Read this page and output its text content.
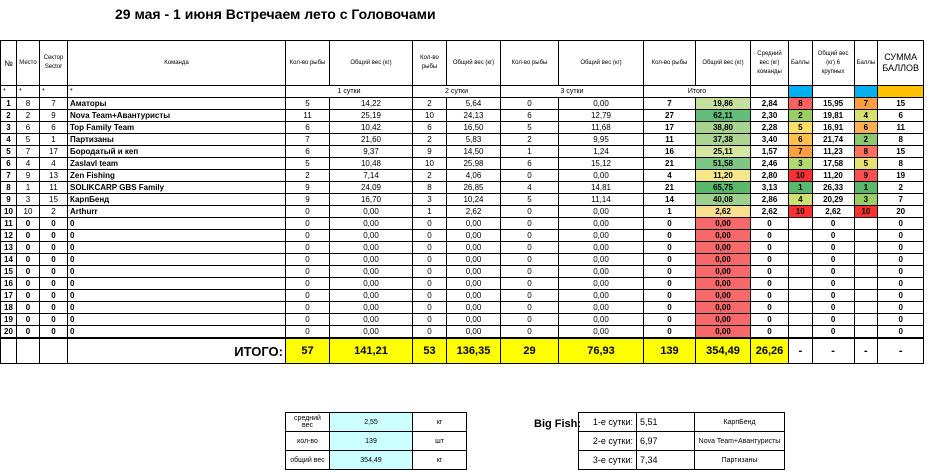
29 мая - 1 июня Встречаем лето с Головочами
№	Место	Сектор Sector	Команда	Кол-во рыбы	Общий вес (кг)	Кол-во рыбы	Общий вес (кг)	Кол-во рыбы	Общий вес (кг)	Кол-во рыбы	Общий вес (кг)	Средний вес (кг) команды	Баллы	Общий вес (кг) 6 крупных	Баллы	СУММА БАЛЛОВ
*	*	*	*	1 сутки		2 сутки		3 сутки		Итого						
1	8	7	Аматоры	5	14,22	2	5,64	0	0,00	7	19,86	2,84	8	15,95	7	15
2	2	9	Nova Team+Авантуристы	11	25,19	10	24,13	6	12,79	27	62,11	2,30	2	19,81	4	6
3	6	6	Top Family Team	6	10,42	6	16,50	5	11,68	17	38,80	2,28	5	16,91	6	11
4	5	1	Партизаны	7	21,60	2	5,83	2	9,95	11	37,38	3,40	6	21,74	2	8
5	7	17	Бородатый и кеп	6	9,37	9	14,50	1	1,24	16	25,11	1,57	7	11,23	8	15
6	4	4	Zaslavl team	5	10,48	10	25,98	6	15,12	21	51,58	2,46	3	17,58	5	8
7	9	13	Zen Fishing	2	7,14	2	4,06	0	0,00	4	11,20	2,80	10	11,20	9	19
8	1	11	SOLIKCARP GBS Family	9	24,09	8	26,85	4	14,81	21	65,75	3,13	1	26,33	1	2
9	3	15	КарпБенд	9	16,70	3	10,24	5	11,14	14	40,08	2,86	4	20,29	3	7
10	10	2	Arthurr	0	0,00	1	2,62	0	0,00	1	2,62	2,62	10	2,62	10	20
11	0	0	0	0	0,00	0	0,00	0	0,00	0	0,00	0		0		0
12	0	0	0	0	0,00	0	0,00	0	0,00	0	0,00	0		0		0
13	0	0	0	0	0,00	0	0,00	0	0,00	0	0,00	0		0		0
14	0	0	0	0	0,00	0	0,00	0	0,00	0	0,00	0		0		0
15	0	0	0	0	0,00	0	0,00	0	0,00	0	0,00	0		0		0
16	0	0	0	0	0,00	0	0,00	0	0,00	0	0,00	0		0		0
17	0	0	0	0	0,00	0	0,00	0	0,00	0	0,00	0		0		0
18	0	0	0	0	0,00	0	0,00	0	0,00	0	0,00	0		0		0
19	0	0	0	0	0,00	0	0,00	0	0,00	0	0,00	0		0		0
20	0	0	0	0	0,00	0	0,00	0	0,00	0	0,00	0		0		0
			ИТОГО:	57	141,21	53	136,35	29	76,93	139	354,49	26,26	-	-	-	-
средний вес	2,55	кг
кол-во	139	шт
общий вес	354,49	кг
Big Fish: 1-е сутки:	5,51	КарпБенд
2-е сутки:	6,97	Nova Team+Авантуристы
3-е сутки:	7,34	Партизаны
